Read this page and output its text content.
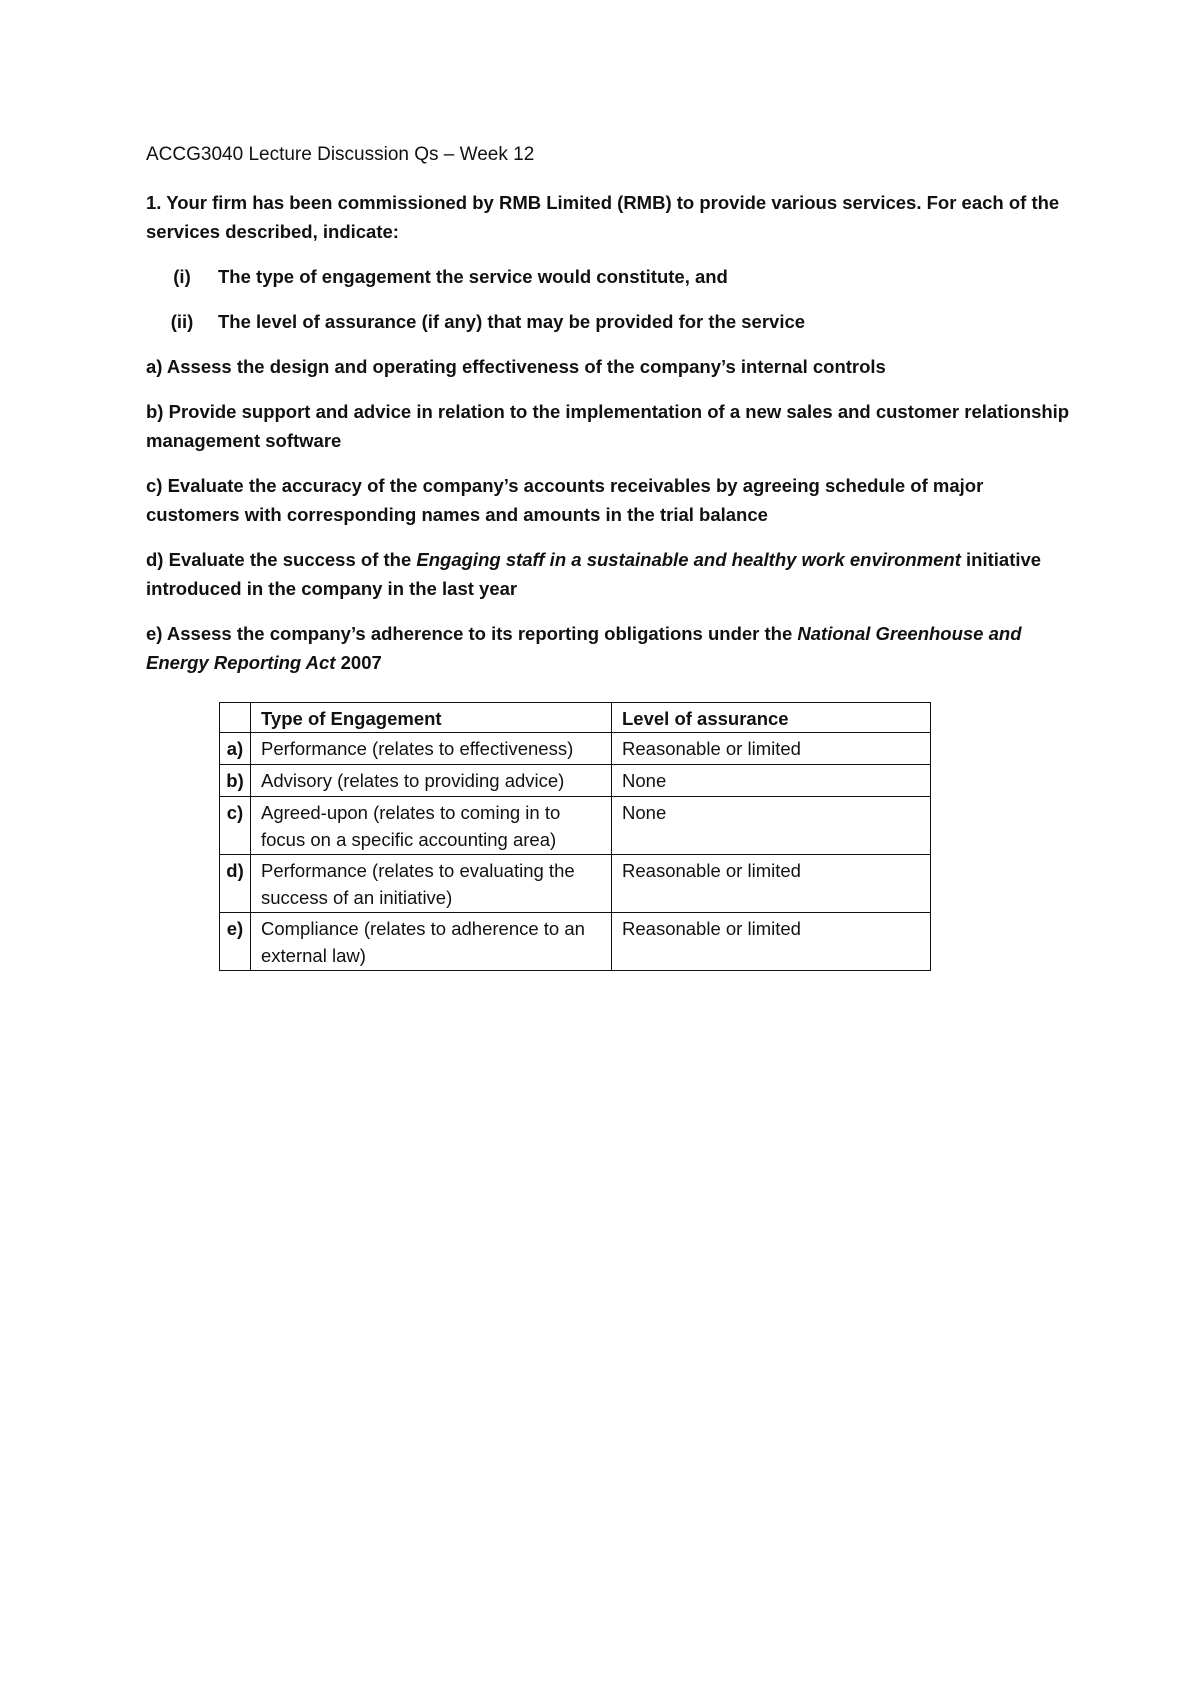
ACCG3040 Lecture Discussion Qs – Week 12
1. Your firm has been commissioned by RMB Limited (RMB) to provide various services. For each of the services described, indicate:
(i)	The type of engagement the service would constitute, and
(ii)	The level of assurance (if any) that may be provided for the service
a) Assess the design and operating effectiveness of the company’s internal controls
b) Provide support and advice in relation to the implementation of a new sales and customer relationship management software
c) Evaluate the accuracy of the company’s accounts receivables by agreeing schedule of major customers with corresponding names and amounts in the trial balance
d) Evaluate the success of the Engaging staff in a sustainable and healthy work environment initiative introduced in the company in the last year
e) Assess the company’s adherence to its reporting obligations under the National Greenhouse and Energy Reporting Act 2007
	Type of Engagement	Level of assurance
a)	Performance (relates to effectiveness)	Reasonable or limited
b)	Advisory (relates to providing advice)	None
c)	Agreed-upon (relates to coming in to focus on a specific accounting area)	None
d)	Performance (relates to evaluating the success of an initiative)	Reasonable or limited
e)	Compliance (relates to adherence to an external law)	Reasonable or limited
